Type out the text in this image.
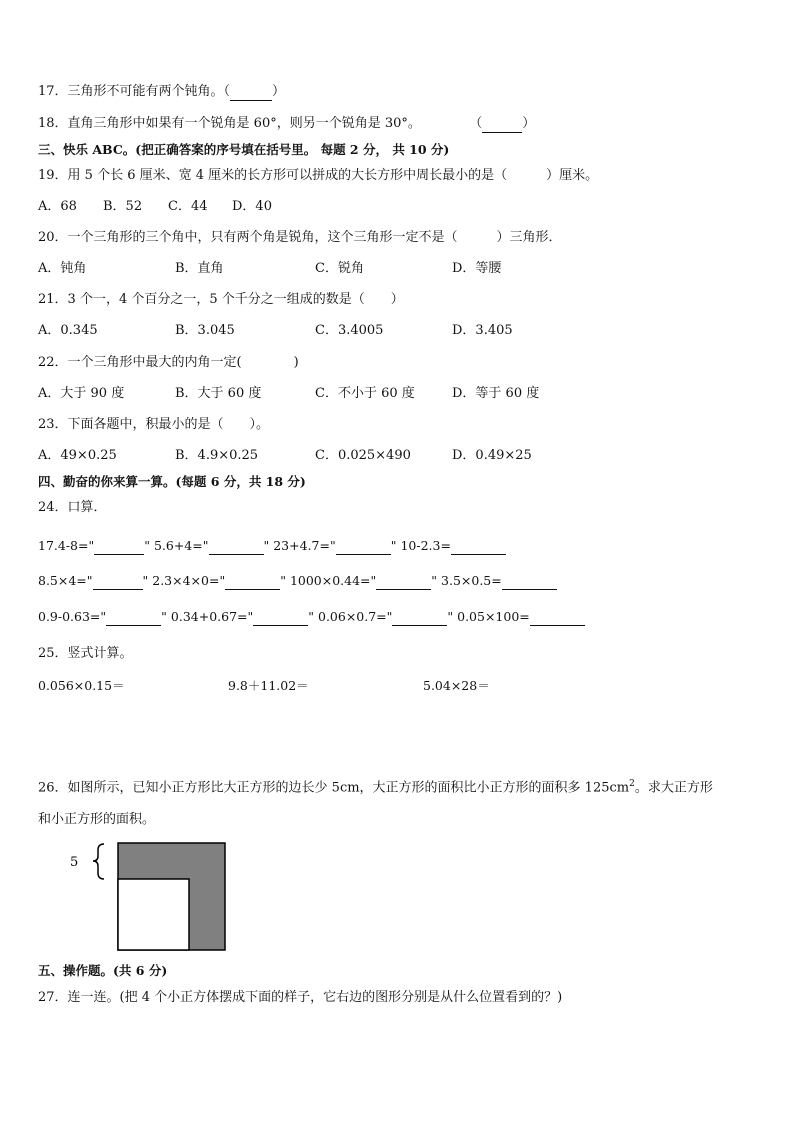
17．三角形不可能有两个钝角。（	）
18．直角三角形中如果有一个锐角是 60°，则另一个锐角是 30°。	（	）
三、快乐 ABC。(把正确答案的序号填在括号里。 每题 2 分， 共 10 分)
19．用 5 个长 6 厘米、宽 4 厘米的长方形可以拼成的大长方形中周长最小的是（　　　）厘米。
A．68 B．52 C．44 D．40
20．一个三角形的三个角中，只有两个角是锐角，这个三角形一定不是（　　　）三角形．
A．钝角	B．直角	C．锐角	D．等腰
21．3 个一，4 个百分之一，5 个千分之一组成的数是（　　）
A．0.345	B．3.045	C．3.4005	D．3.405
22．一个三角形中最大的内角一定(　　　　)
A．大于 90 度	B．大于 60 度	C．不小于 60 度	D．等于 60 度
23．下面各题中，积最小的是（　　）。
A．49×0.25	B．4.9×0.25	C．0.025×490	D．0.49×25
四、勤奋的你来算一算。(每题 6 分，共 18 分)
24．口算．
17.4-8="	" 5.6+4="	" 23+4.7="	" 10-2.3=
8.5×4="	" 2.3×4×0="	" 1000×0.44="	" 3.5×0.5=
0.9-0.63="	" 0.34+0.67="	" 0.06×0.7="	" 0.05×100=
25．竖式计算。
0.056×0.15＝	9.8＋11.02＝	5.04×28＝
26．如图所示，已知小正方形比大正方形的边长少 5cm，大正方形的面积比小正方形的面积多 $125cm^2$。求大正方形
和小正方形的面积。
5
五、操作题。(共 6 分)
27．连一连。(把 4 个小正方体摆成下面的样子，它右边的图形分别是从什么位置看到的？)
